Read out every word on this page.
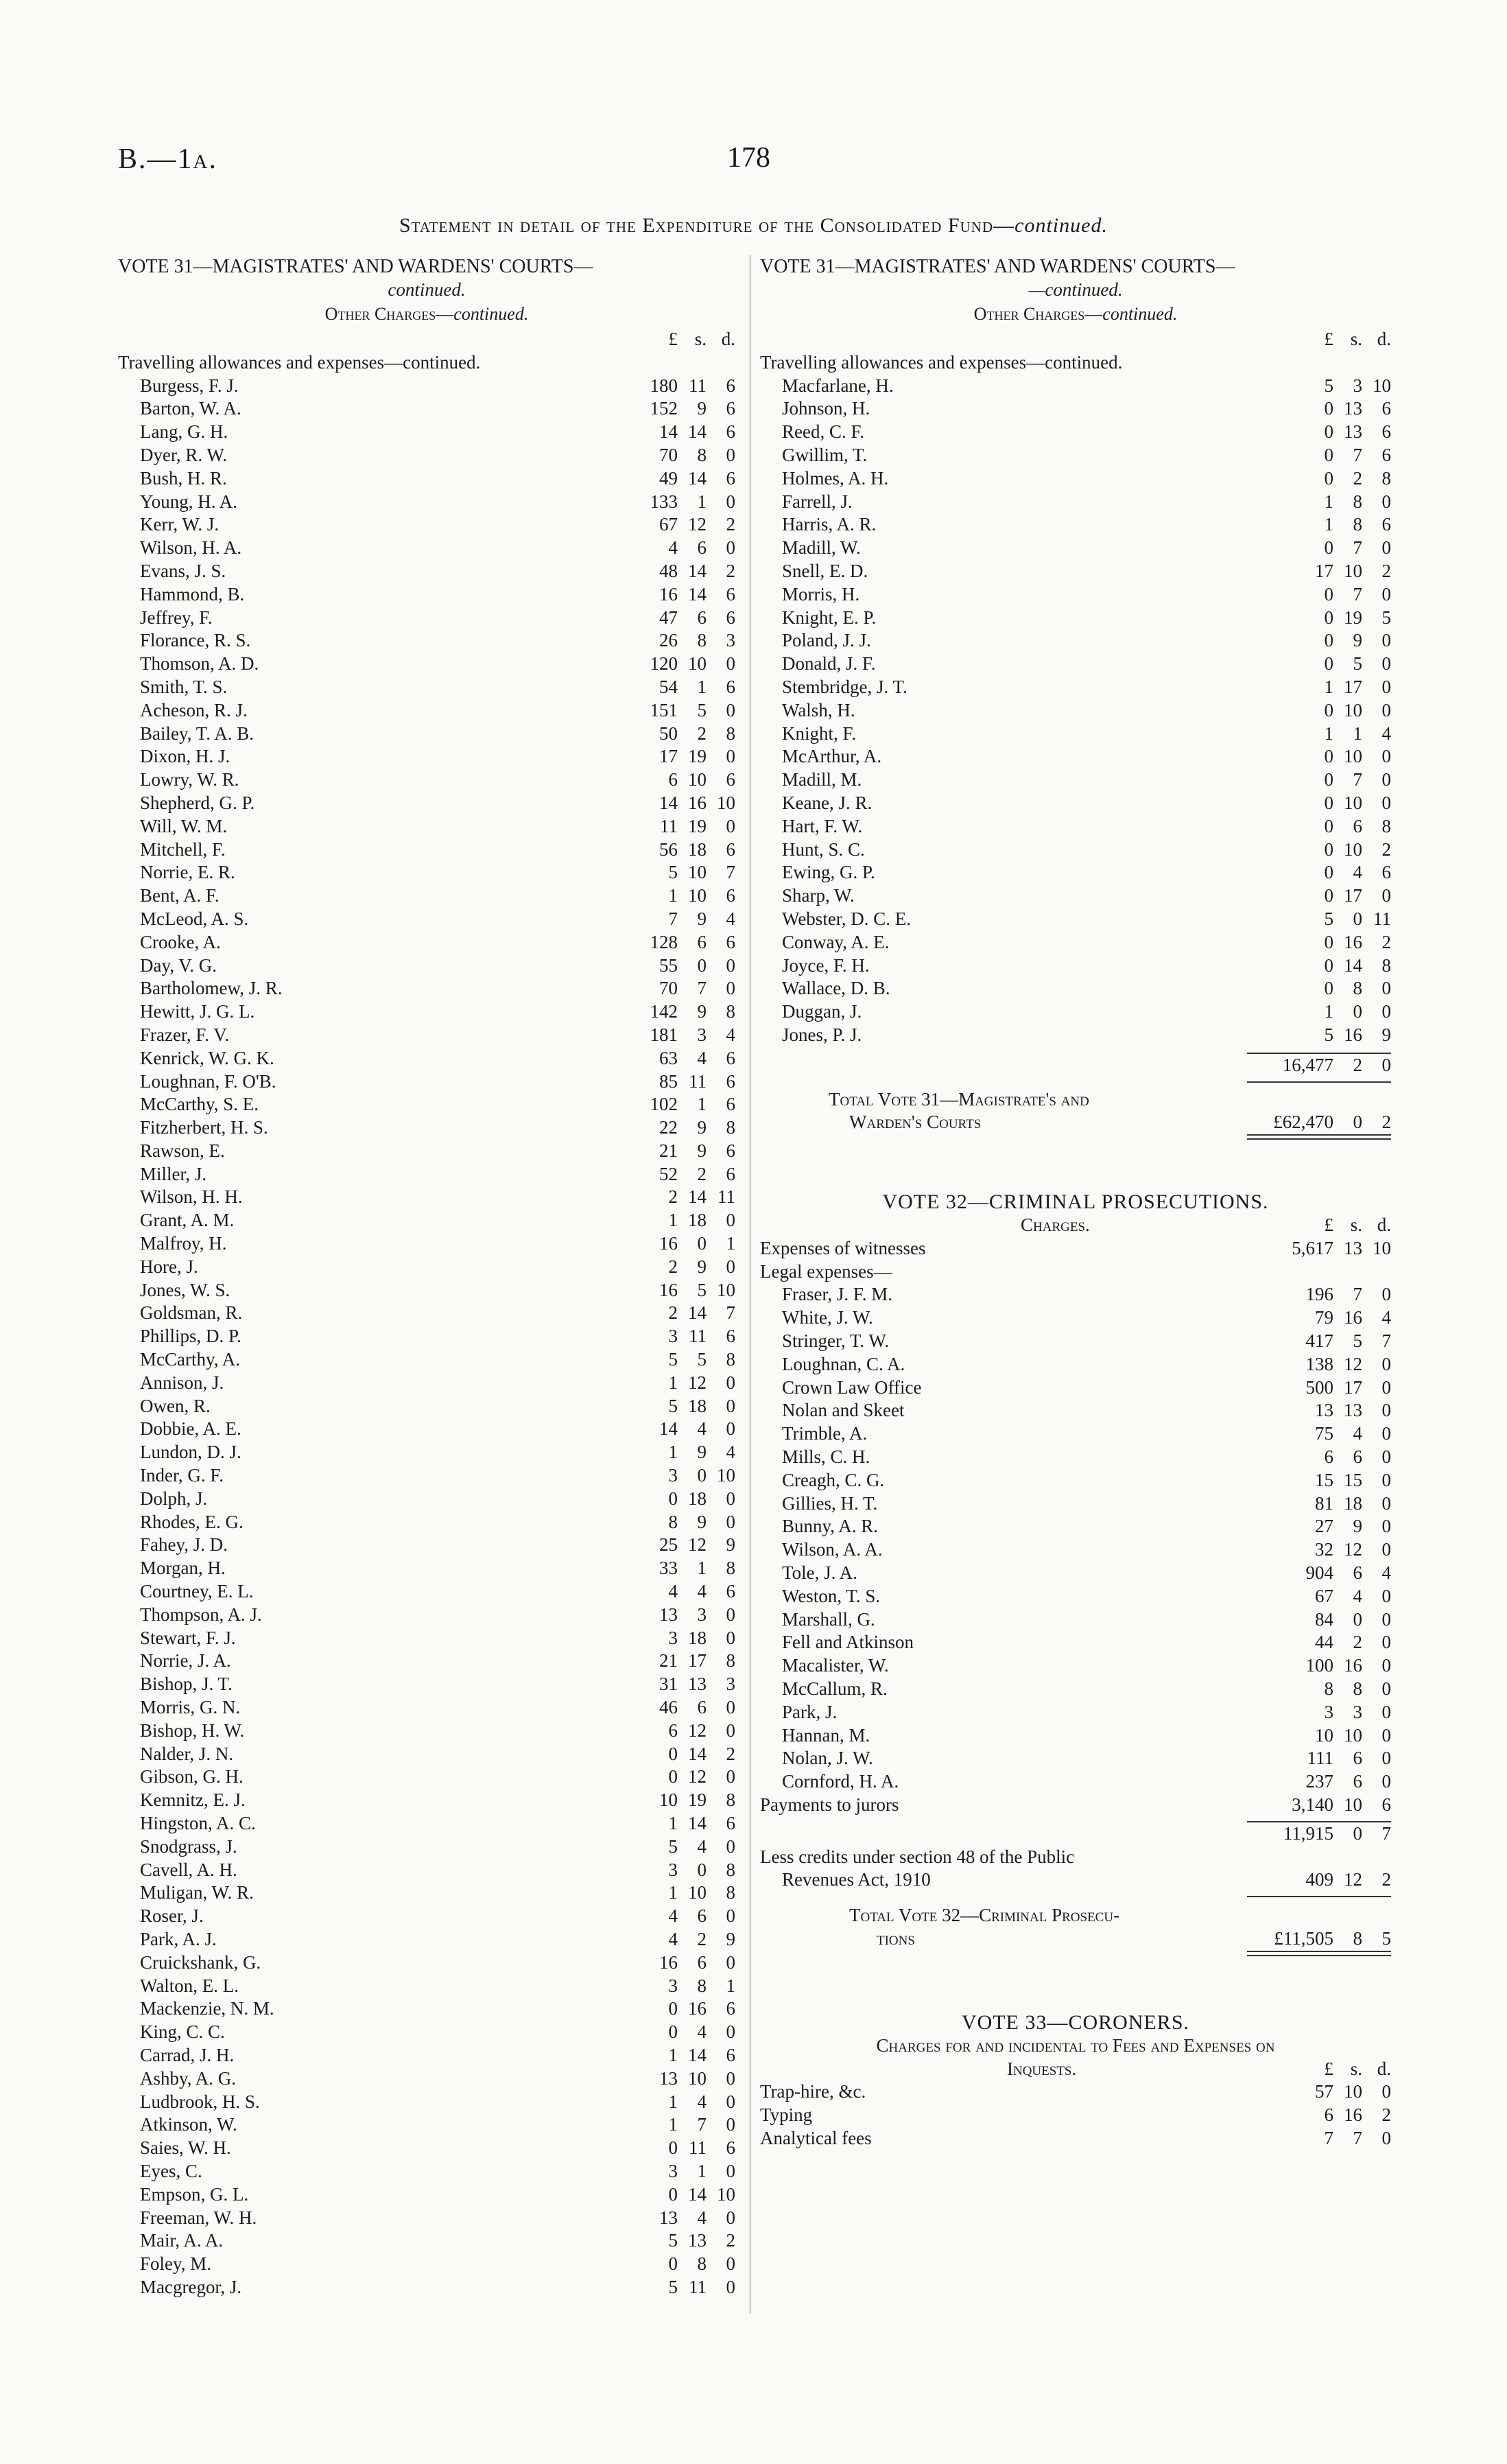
B.—1a.	178
Statement in detail of the Expenditure of the Consolidated Fund—continued.
VOTE 31—MAGISTRATES' AND WARDENS' COURTS—
continued.
Other Charges—continued.
£ s. d.
Travelling allowances and expenses—continued.
Burgess, F. J.	180 11	6
Barton, W. A.	152	9	6
Lang, G. H.	14 14	6
Dyer, R. W.	70	8	0
Bush, H. R.	49 14	6
Young, H. A.	133	1	0
Kerr, W. J.	67 12	2
Wilson, H. A.	4	6	0
Evans, J. S.	48 14	2
Hammond, B.	16 14	6
Jeffrey, F.	47	6	6
Florance, R. S.	26	8	3
Thomson, A. D.	120 10	0
Smith, T. S.	54	1	6
Acheson, R. J.	151	5	0
Bailey, T. A. B.	50	2	8
Dixon, H. J.	17 19	0
Lowry, W. R.	6 10	6
Shepherd, G. P.	14 16 10
Will, W. M.	11 19	0
Mitchell, F.	56 18	6
Norrie, E. R.	5 10	7
Bent, A. F.	1 10	6
McLeod, A. S.	7	9	4
Crooke, A.	128	6	6
Day, V. G.	55	0	0
Bartholomew, J. R.	70	7	0
Hewitt, J. G. L.	142	9	8
Frazer, F. V.	181	3	4
Kenrick, W. G. K.	63	4	6
Loughnan, F. O'B.	85 11	6
McCarthy, S. E.	102	1	6
Fitzherbert, H. S.	22	9	8
Rawson, E.	21	9	6
Miller, J.	52	2	6
Wilson, H. H.	2 14 11
Grant, A. M.	1 18	0
Malfroy, H.	16	0	1
Hore, J.	2	9	0
Jones, W. S.	16	5 10
Goldsman, R.	2 14	7
Phillips, D. P.	3 11	6
McCarthy, A.	5	5	8
Annison, J.	1 12	0
Owen, R.	5 18	0
Dobbie, A. E.	14	4	0
Lundon, D. J.	1	9	4
Inder, G. F.	3	0 10
Dolph, J.	0 18	0
Rhodes, E. G.	8	9	0
Fahey, J. D.	25 12	9
Morgan, H.	33	1	8
Courtney, E. L.	4	4	6
Thompson, A. J.	13	3	0
Stewart, F. J.	3 18	0
Norrie, J. A.	21 17	8
Bishop, J. T.	31 13	3
Morris, G. N.	46	6	0
Bishop, H. W.	6 12	0
Nalder, J. N.	0 14	2
Gibson, G. H.	0 12	0
Kemnitz, E. J.	10 19	8
Hingston, A. C.	1 14	6
Snodgrass, J.	5	4	0
Cavell, A. H.	3	0	8
Muligan, W. R.	1 10	8
Roser, J.	4	6	0
Park, A. J.	4	2	9
Cruickshank, G.	16	6	0
Walton, E. L.	3	8	1
Mackenzie, N. M.	0 16	6
King, C. C.	0	4	0
Carrad, J. H.	1 14	6
Ashby, A. G.	13 10	0
Ludbrook, H. S.	1	4	0
Atkinson, W.	1	7	0
Saies, W. H.	0 11	6
Eyes, C.	3	1	0
Empson, G. L.	0 14 10
Freeman, W. H.	13	4	0
Mair, A. A.	5 13	2
Foley, M.	0	8	0
Macgregor, J.	5 11	0
VOTE 31—MAGISTRATES' AND WARDENS' COURTS—
—continued.
Other Charges—continued.
£ s. d.
Travelling allowances and expenses—continued.
Macfarlane, H.	5	3 10
Johnson, H.	0 13	6
Reed, C. F.	0 13	6
Gwillim, T.	0	7	6
Holmes, A. H.	0	2	8
Farrell, J.	1	8	0
Harris, A. R.	1	8	6
Madill, W.	0	7	0
Snell, E. D.	17 10	2
Morris, H.	0	7	0
Knight, E. P.	0 19	5
Poland, J. J.	0	9	0
Donald, J. F.	0	5	0
Stembridge, J. T.	1 17	0
Walsh, H.	0 10	0
Knight, F.	1	1	4
McArthur, A.	0 10	0
Madill, M.	0	7	0
Keane, J. R.	0 10	0
Hart, F. W.	0	6	8
Hunt, S. C.	0 10	2
Ewing, G. P.	0	4	6
Sharp, W.	0 17	0
Webster, D. C. E.	5	0 11
Conway, A. E.	0 16	2
Joyce, F. H.	0 14	8
Wallace, D. B.	0	8	0
Duggan, J.	1	0	0
Jones, P. J.	5 16	9
16,477	2	0
Total Vote 31—Magistrate's and
Warden's Courts	£62,470	0	2
VOTE 32—CRIMINAL PROSECUTIONS.
Charges.	£ s. d.
Expenses of witnesses	5,617 13 10
Legal expenses—
Fraser, J. F. M.	196	7	0
White, J. W.	79 16	4
Stringer, T. W.	417	5	7
Loughnan, C. A.	138 12	0
Crown Law Office	500 17	0
Nolan and Skeet	13 13	0
Trimble, A.	75	4	0
Mills, C. H.	6	6	0
Creagh, C. G.	15 15	0
Gillies, H. T.	81 18	0
Bunny, A. R.	27	9	0
Wilson, A. A.	32 12	0
Tole, J. A.	904	6	4
Weston, T. S.	67	4	0
Marshall, G.	84	0	0
Fell and Atkinson	44	2	0
Macalister, W.	100 16	0
McCallum, R.	8	8	0
Park, J.	3	3	0
Hannan, M.	10 10	0
Nolan, J. W.	111	6	0
Cornford, H. A.	237	6	0
Payments to jurors	3,140 10	6
11,915	0	7
Less credits under section 48 of the Public
Revenues Act, 1910	409 12	2
Total Vote 32—Criminal Prosecu-
tions	£11,505	8	5
VOTE 33—CORONERS.
Charges for and incidental to Fees and Expenses on
Inquests.	£ s. d.
Trap-hire, &c.	57 10	0
Typing	6 16	2
Analytical fees	7	7	0
